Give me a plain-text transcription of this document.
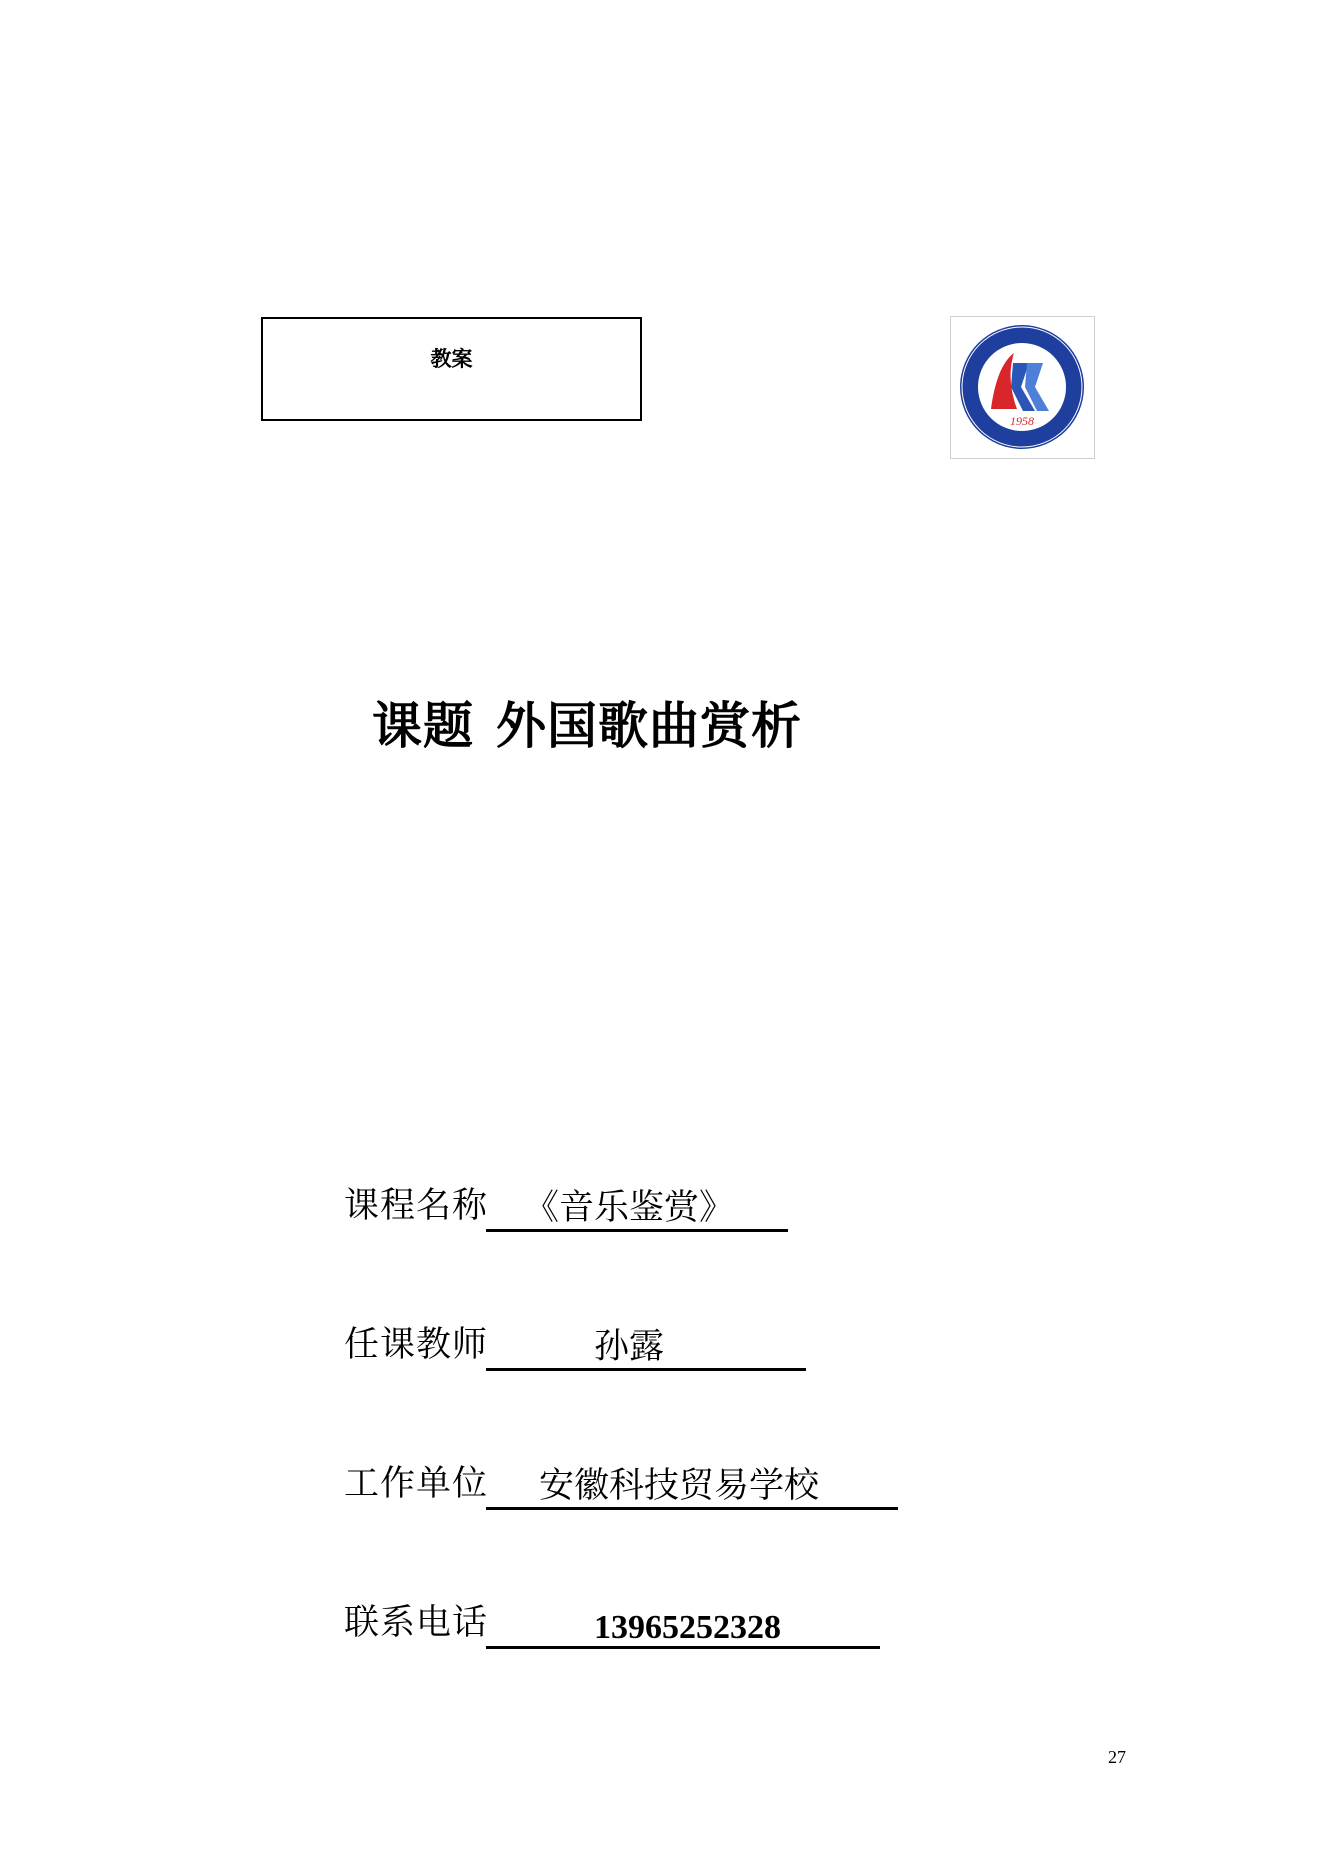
教案
1958
课题 外国歌曲赏析
课程名称 《音乐鉴赏》
任课教师	孙露
工作单位 安徽科技贸易学校
联系电话	13965252328
27
